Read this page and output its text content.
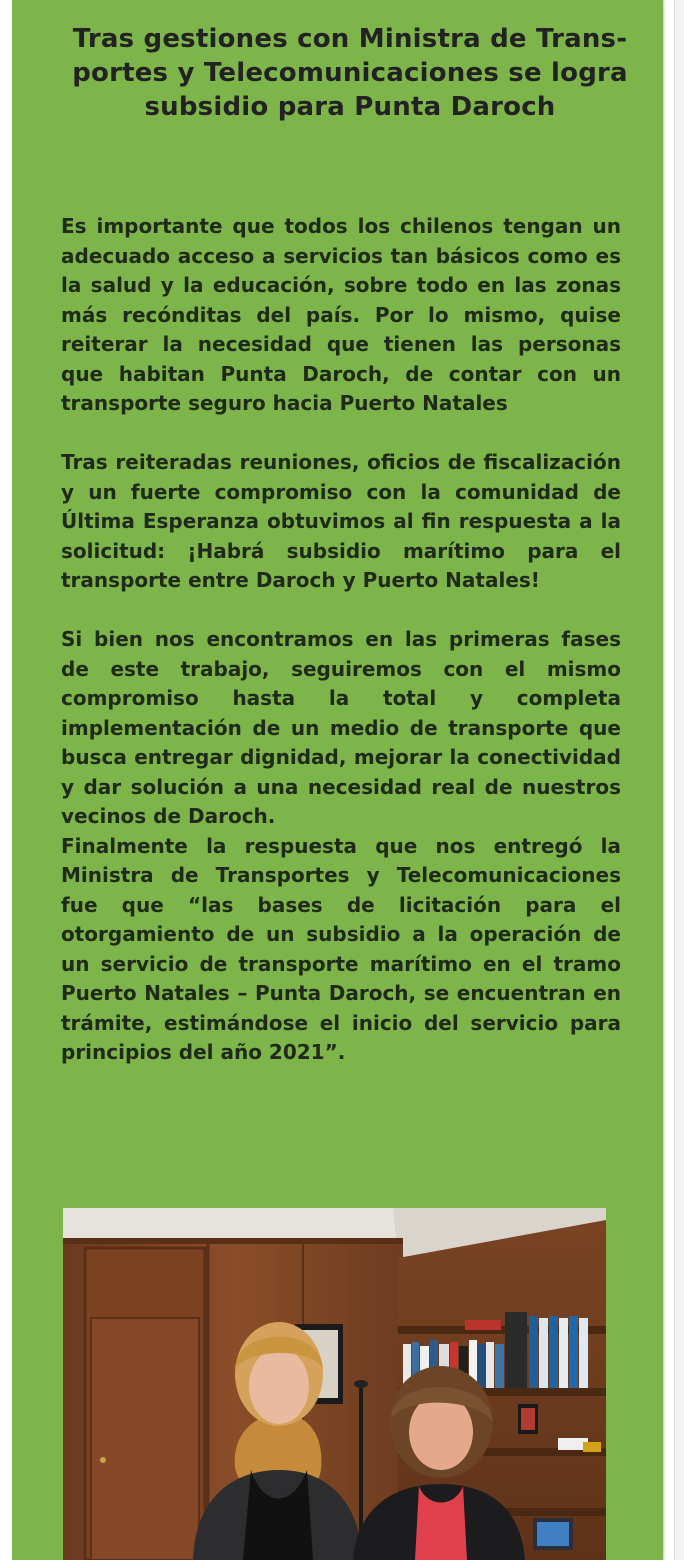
Tras gestiones con Ministra de Trans-
portes y Telecomunicaciones se logra
subsidio para Punta Daroch

Es importante que todos los chilenos tengan un adecuado acceso a servicios tan básicos como es la salud y la educación, sobre todo en las zonas más recónditas del país. Por lo mismo, quise reiterar la necesidad que tienen las personas que habitan Punta Daroch, de contar con un transporte seguro hacia Puerto Natales

Tras reiteradas reuniones, oficios de fiscalización y un fuerte compromiso con la comunidad de Última Esperanza obtuvimos al fin respuesta a la solicitud: ¡Habrá subsidio marítimo para el transporte entre Daroch y Puerto Natales!

Si bien nos encontramos en las primeras fases de este trabajo, seguiremos con el mismo compromiso hasta la total y completa implementación de un medio de transporte que busca entregar dignidad, mejorar la conectividad y dar solución a una necesidad real de nuestros vecinos de Daroch.

Finalmente la respuesta que nos entregó la Ministra de Transportes y Telecomunicaciones fue que “las bases de licitación para el otorgamiento de un subsidio a la operación de un servicio de transporte marítimo en el tramo Puerto Natales – Punta Daroch, se encuentran en trámite, estimándose el inicio del servicio para principios del año 2021”.
